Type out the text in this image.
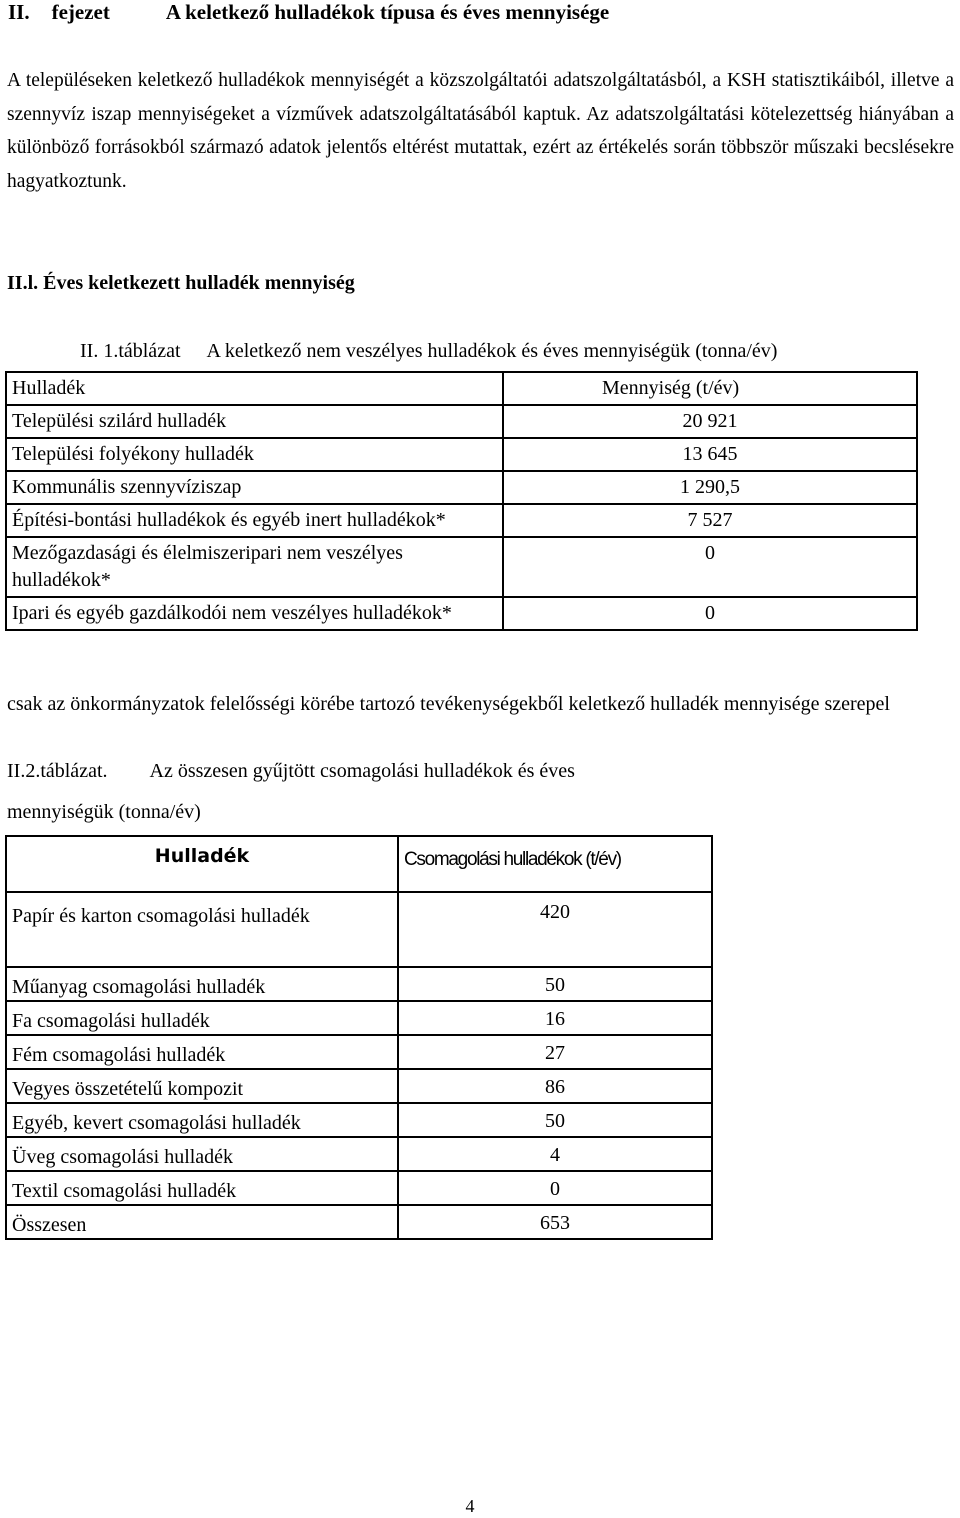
II. fejezet	A keletkező hulladékok típusa és éves mennyisége
A településeken keletkező hulladékok mennyiségét a közszolgáltatói adatszolgáltatásból, a KSH statisztikáiból, illetve a szennyvíz iszap mennyiségeket a vízművek adatszolgáltatásából kaptuk. Az adatszolgáltatási kötelezettség hiányában a különböző forrásokból származó adatok jelentős eltérést mutattak, ezért az értékelés során többször műszaki becslésekre hagyatkoztunk.
II.l. Éves keletkezett hulladék mennyiség
II. 1.táblázat A keletkező nem veszélyes hulladékok és éves mennyiségük (tonna/év)
Hulladék	Mennyiség (t/év)
Települési szilárd hulladék	20 921
Települési folyékony hulladék	13 645
Kommunális szennyvíziszap	1 290,5
Építési-bontási hulladékok és egyéb inert hulladékok*	7 527
Mezőgazdasági és élelmiszeripari nem veszélyes hulladékok*	0
Ipari és egyéb gazdálkodói nem veszélyes hulladékok*	0
csak az önkormányzatok felelősségi körébe tartozó tevékenységekből keletkező hulladék mennyisége szerepel
II.2.táblázat. Az összesen gyűjtött csomagolási hulladékok és éves
mennyiségük (tonna/év)
Hulladék	Csomagolási hulladékok (t/év)
Papír és karton csomagolási hulladék	420
Műanyag csomagolási hulladék	50
Fa csomagolási hulladék	16
Fém csomagolási hulladék	27
Vegyes összetételű kompozit	86
Egyéb, kevert csomagolási hulladék	50
Üveg csomagolási hulladék	4
Textil csomagolási hulladék	0
Összesen	653
4
